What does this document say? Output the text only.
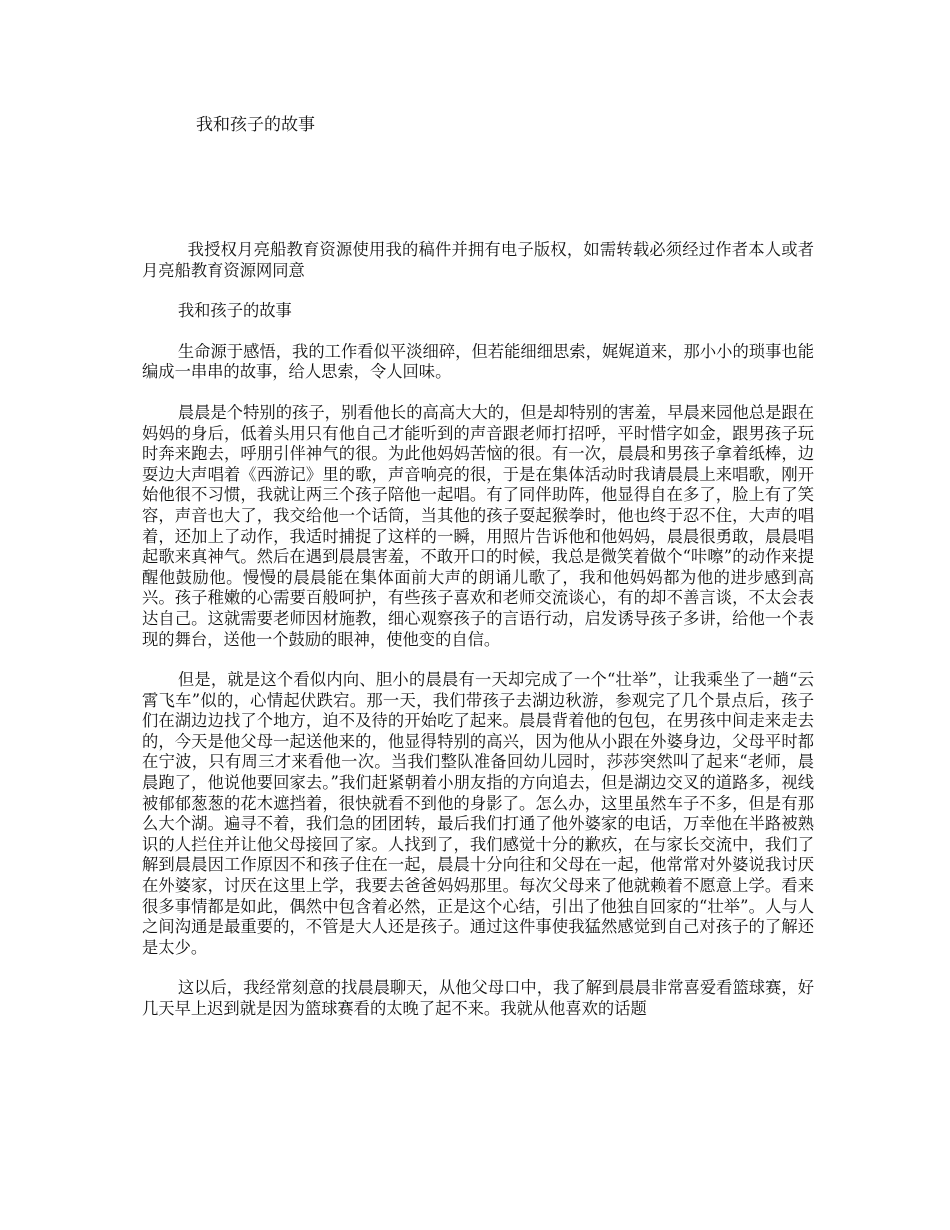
我和孩子的故事

我授权月亮船教育资源使用我的稿件并拥有电子版权，如需转载必须经过作者本人或者月亮船教育资源网同意

我和孩子的故事

生命源于感悟，我的工作看似平淡细碎，但若能细细思索，娓娓道来，那小小的琐事也能编成一串串的故事，给人思索，令人回味。

晨晨是个特别的孩子，别看他长的高高大大的，但是却特别的害羞，早晨来园他总是跟在妈妈的身后，低着头用只有他自己才能听到的声音跟老师打招呼，平时惜字如金，跟男孩子玩时奔来跑去，呼朋引伴神气的很。为此他妈妈苦恼的很。有一次，晨晨和男孩子拿着纸棒，边耍边大声唱着《西游记》里的歌，声音响亮的很，于是在集体活动时我请晨晨上来唱歌，刚开始他很不习惯，我就让两三个孩子陪他一起唱。有了同伴助阵，他显得自在多了，脸上有了笑容，声音也大了，我交给他一个话筒，当其他的孩子耍起猴拳时，他也终于忍不住，大声的唱着，还加上了动作，我适时捕捉了这样的一瞬，用照片告诉他和他妈妈，晨晨很勇敢，晨晨唱起歌来真神气。然后在遇到晨晨害羞，不敢开口的时候，我总是微笑着做个“咔嚓”的动作来提醒他鼓励他。慢慢的晨晨能在集体面前大声的朗诵儿歌了，我和他妈妈都为他的进步感到高兴。孩子稚嫩的心需要百般呵护，有些孩子喜欢和老师交流谈心，有的却不善言谈，不太会表达自己。这就需要老师因材施教，细心观察孩子的言语行动，启发诱导孩子多讲，给他一个表现的舞台，送他一个鼓励的眼神，使他变的自信。

但是，就是这个看似内向、胆小的晨晨有一天却完成了一个“壮举”，让我乘坐了一趟“云霄飞车”似的，心情起伏跌宕。那一天，我们带孩子去湖边秋游，参观完了几个景点后，孩子们在湖边边找了个地方，迫不及待的开始吃了起来。晨晨背着他的包包，在男孩中间走来走去的，今天是他父母一起送他来的，他显得特别的高兴，因为他从小跟在外婆身边，父母平时都在宁波，只有周三才来看他一次。当我们整队准备回幼儿园时，莎莎突然叫了起来“老师，晨晨跑了，他说他要回家去。”我们赶紧朝着小朋友指的方向追去，但是湖边交叉的道路多，视线被郁郁葱葱的花木遮挡着，很快就看不到他的身影了。怎么办，这里虽然车子不多，但是有那么大个湖。遍寻不着，我们急的团团转，最后我们打通了他外婆家的电话，万幸他在半路被熟识的人拦住并让他父母接回了家。人找到了，我们感觉十分的歉疚，在与家长交流中，我们了解到晨晨因工作原因不和孩子住在一起，晨晨十分向往和父母在一起，他常常对外婆说我讨厌在外婆家，讨厌在这里上学，我要去爸爸妈妈那里。每次父母来了他就赖着不愿意上学。看来很多事情都是如此，偶然中包含着必然，正是这个心结，引出了他独自回家的“壮举”。人与人之间沟通是最重要的，不管是大人还是孩子。通过这件事使我猛然感觉到自己对孩子的了解还是太少。

这以后，我经常刻意的找晨晨聊天，从他父母口中，我了解到晨晨非常喜爱看篮球赛，好几天早上迟到就是因为篮球赛看的太晚了起不来。我就从他喜欢的话题
